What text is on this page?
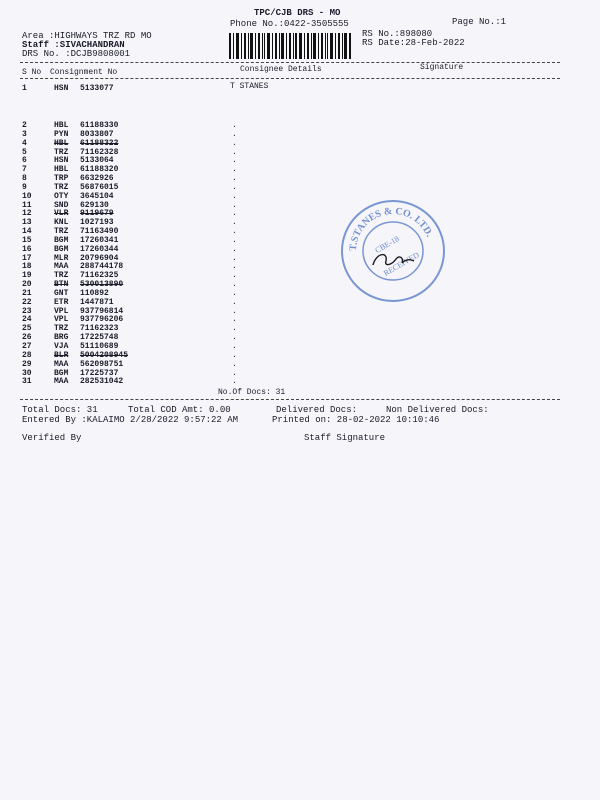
TPC/CJB DRS - MO
Phone No.:0422-3505555	Page No.:1
Area :HIGHWAYS TRZ RD MO
Staff :SIVACHANDRAN
DRS No. :DCJB9808001
RS No.:898080
RS Date:28-Feb-2022
S No Consignment No	Consignee Details	Signature
1	HSN 5133077	T STANES
2	HBL	61188330	.
3	PYN	8033807	.
4	HBL	61188322	.
5	TRZ	71162328	.
6	HSN	5133064	.
7	HBL	61188320	.
8	TRP	6632926	.
9	TRZ	56876015	.
10	OTY	3645104	.
11	SND	629130	.
12	VLR	9119679	.
13	KNL	1027193	.
14	TRZ	71163490	.
15	BGM	17260341	.
16	BGM	17260344	.
17	MLR	20796904	.
18	MAA	288744178	.
19	TRZ	71162325	.
20	BTN	530013890	.
21	GNT	110892	.
22	ETR	1447871	.
23	VPL	937796814	.
24	VPL	937796206	.
25	TRZ	71162323	.
26	BRG	17225748	.
27	VJA	51110689	.
28	BLR	5004208945	.
29	MAA	562098751	.
30	BGM	17225737	.
31	MAA	282531042	.
No.Of Docs: 31
T.STANES & CO. LTD.
CBE-18
RECEIVED
Total Docs: 31	Total COD Amt: 0.00	Delivered Docs:	Non Delivered Docs:
Entered By :KALAIMO 2/28/2022 9:57:22 AM	Printed on: 28-02-2022 10:10:46
Verified By	Staff Signature
